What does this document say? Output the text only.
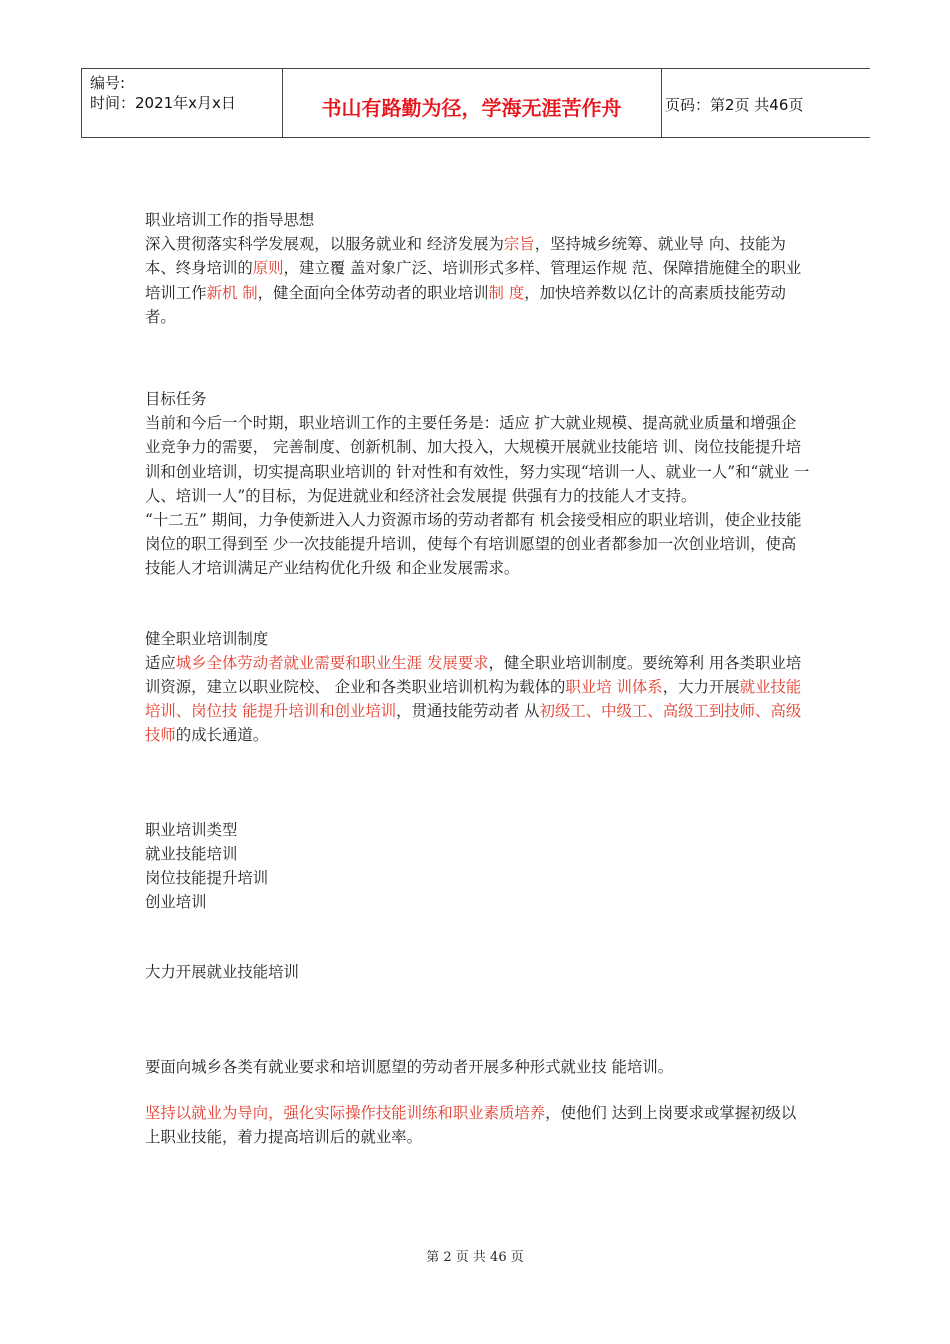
编号:
时间：2021年x月x日	书山有路勤为径，学海无涯苦作舟	页码：第2页 共46页

职业培训工作的指导思想

深入贯彻落实科学发展观，以服务就业和 经济发展为宗旨，坚持城乡统筹、就业导 向、技能为本、终身培训的原则，建立覆 盖对象广泛、培训形式多样、管理运作规 范、保障措施健全的职业培训工作新机 制，健全面向全体劳动者的职业培训制 度，加快培养数以亿计的高素质技能劳动 者。

目标任务

当前和今后一个时期，职业培训工作的主要任务是：适应 扩大就业规模、提高就业质量和增强企业竞争力的需要， 完善制度、创新机制、加大投入，大规模开展就业技能培 训、岗位技能提升培训和创业培训，切实提高职业培训的 针对性和有效性，努力实现“培训一人、就业一人”和“就业 一人、培训一人”的目标，为促进就业和经济社会发展提 供强有力的技能人才支持。

“十二五” 期间，力争使新进入人力资源市场的劳动者都有 机会接受相应的职业培训，使企业技能岗位的职工得到至 少一次技能提升培训，使每个有培训愿望的创业者都参加一次创业培训，使高技能人才培训满足产业结构优化升级 和企业发展需求。

健全职业培训制度

适应城乡全体劳动者就业需要和职业生涯 发展要求，健全职业培训制度。要统筹利 用各类职业培训资源，建立以职业院校、 企业和各类职业培训机构为载体的职业培 训体系，大力开展就业技能培训、岗位技 能提升培训和创业培训，贯通技能劳动者 从初级工、中级工、高级工到技师、高级 技师的成长通道。

职业培训类型

就业技能培训

岗位技能提升培训

创业培训

大力开展就业技能培训

要面向城乡各类有就业要求和培训愿望的劳动者开展多种形式就业技 能培训。

坚持以就业为导向，强化实际操作技能训练和职业素质培养，使他们 达到上岗要求或掌握初级以上职业技能，着力提高培训后的就业率。

第 2 页 共 46 页
